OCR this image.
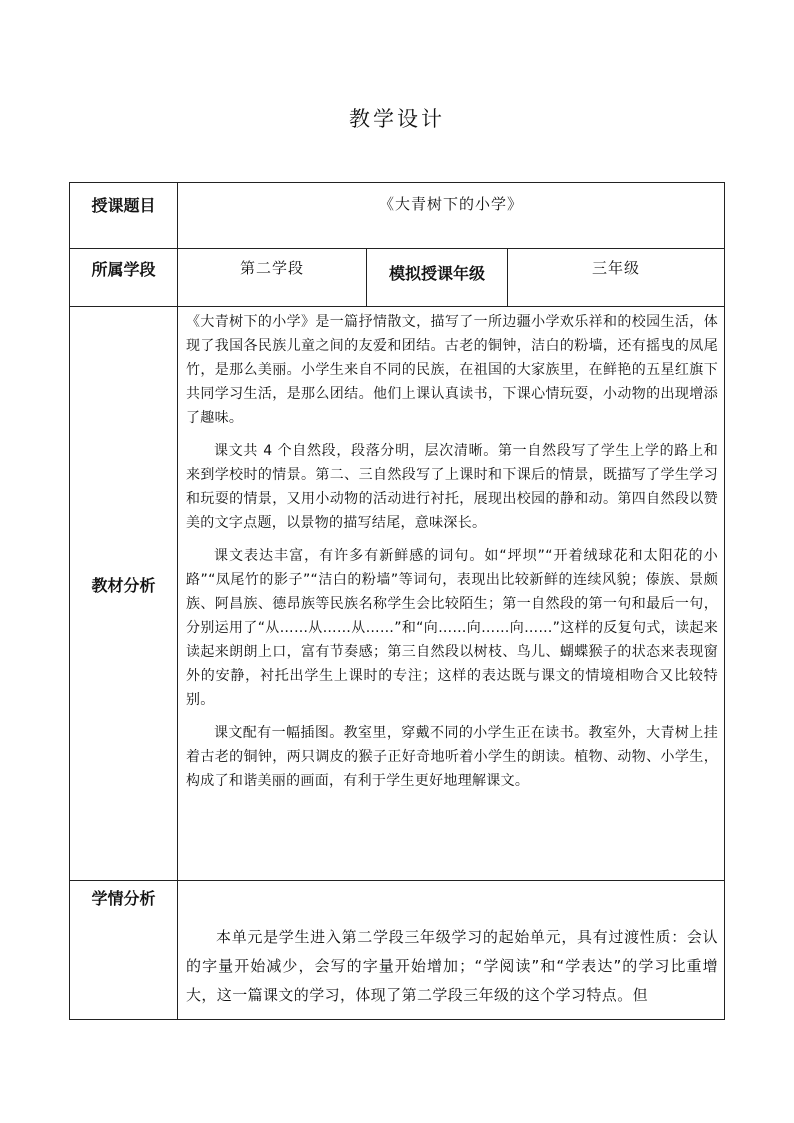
教学设计
授课题目	《大青树下的小学》
所属学段	第二学段	模拟授课年级	三年级
教材分析

《大青树下的小学》是一篇抒情散文，描写了一所边疆小学欢乐祥和的校园生活，体现了我国各民族儿童之间的友爱和团结。古老的铜钟，洁白的粉墙，还有摇曳的凤尾竹，是那么美丽。小学生来自不同的民族，在祖国的大家族里，在鲜艳的五星红旗下共同学习生活，是那么团结。他们上课认真读书，下课心情玩耍，小动物的出现增添了趣味。

课文共 4 个自然段，段落分明，层次清晰。第一自然段写了学生上学的路上和来到学校时的情景。第二、三自然段写了上课时和下课后的情景，既描写了学生学习和玩耍的情景，又用小动物的活动进行衬托，展现出校园的静和动。第四自然段以赞美的文字点题，以景物的描写结尾，意味深长。

课文表达丰富，有许多有新鲜感的词句。如“坪坝”“开着绒球花和太阳花的小路”“凤尾竹的影子”“洁白的粉墙”等词句，表现出比较新鲜的连续风貌；傣族、景颇族、阿昌族、德昂族等民族名称学生会比较陌生；第一自然段的第一句和最后一句，分别运用了“从……从……从……”和“向……向……向……”这样的反复句式，读起来读起来朗朗上口，富有节奏感；第三自然段以树枝、鸟儿、蝴蝶猴子的状态来表现窗外的安静，衬托出学生上课时的专注；这样的表达既与课文的情境相吻合又比较特别。

课文配有一幅插图。教室里，穿戴不同的小学生正在读书。教室外，大青树上挂着古老的铜钟，两只调皮的猴子正好奇地听着小学生的朗读。植物、动物、小学生，构成了和谐美丽的画面，有利于学生更好地理解课文。

学情分析

本单元是学生进入第二学段三年级学习的起始单元，具有过渡性质：会认的字量开始减少，会写的字量开始增加；“学阅读”和“学表达”的学习比重增大，这一篇课文的学习，体现了第二学段三年级的这个学习特点。但
